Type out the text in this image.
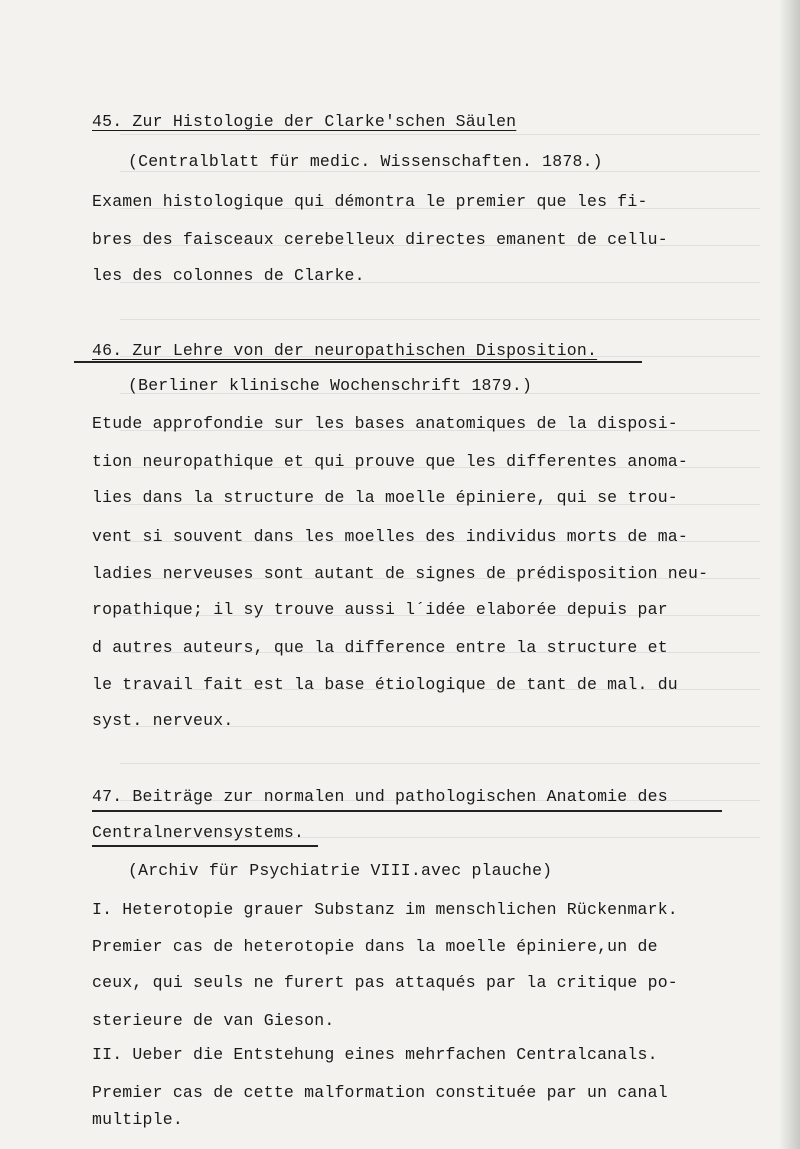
45. Zur Histologie der Clarke'schen Säulen
(Centralblatt für medic. Wissenschaften. 1878.)
Examen histologique qui démontra le premier que les fi-
bres des faisceaux cerebelleux directes emanent de cellu-
les des colonnes de Clarke.
46. Zur Lehre von der neuropathischen Disposition.
(Berliner klinische Wochenschrift 1879.)
Etude approfondie sur les bases anatomiques de la disposi-
tion neuropathique et qui prouve que les differentes anoma-
lies dans la structure de la moelle épiniere, qui se trou-
vent si souvent dans les moelles des individus morts de ma-
ladies nerveuses sont autant de signes de prédisposition neu-
ropathique; il sy trouve aussi l´idée elaborée depuis par
d autres auteurs, que la difference entre la structure et
le travail fait est la base étiologique de tant de mal. du
syst. nerveux.
47. Beiträge zur normalen und pathologischen Anatomie des
Centralnervensystems.
(Archiv für Psychiatrie VIII.avec plauche)
I. Heterotopie grauer Substanz im menschlichen Rückenmark.
Premier cas de heterotopie dans la moelle épiniere,un de
ceux, qui seuls ne furert pas attaqués par la critique po-
sterieure de van Gieson.
II. Ueber die Entstehung eines mehrfachen Centralcanals.
Premier cas de cette malformation constituée par un canal
multiple.
